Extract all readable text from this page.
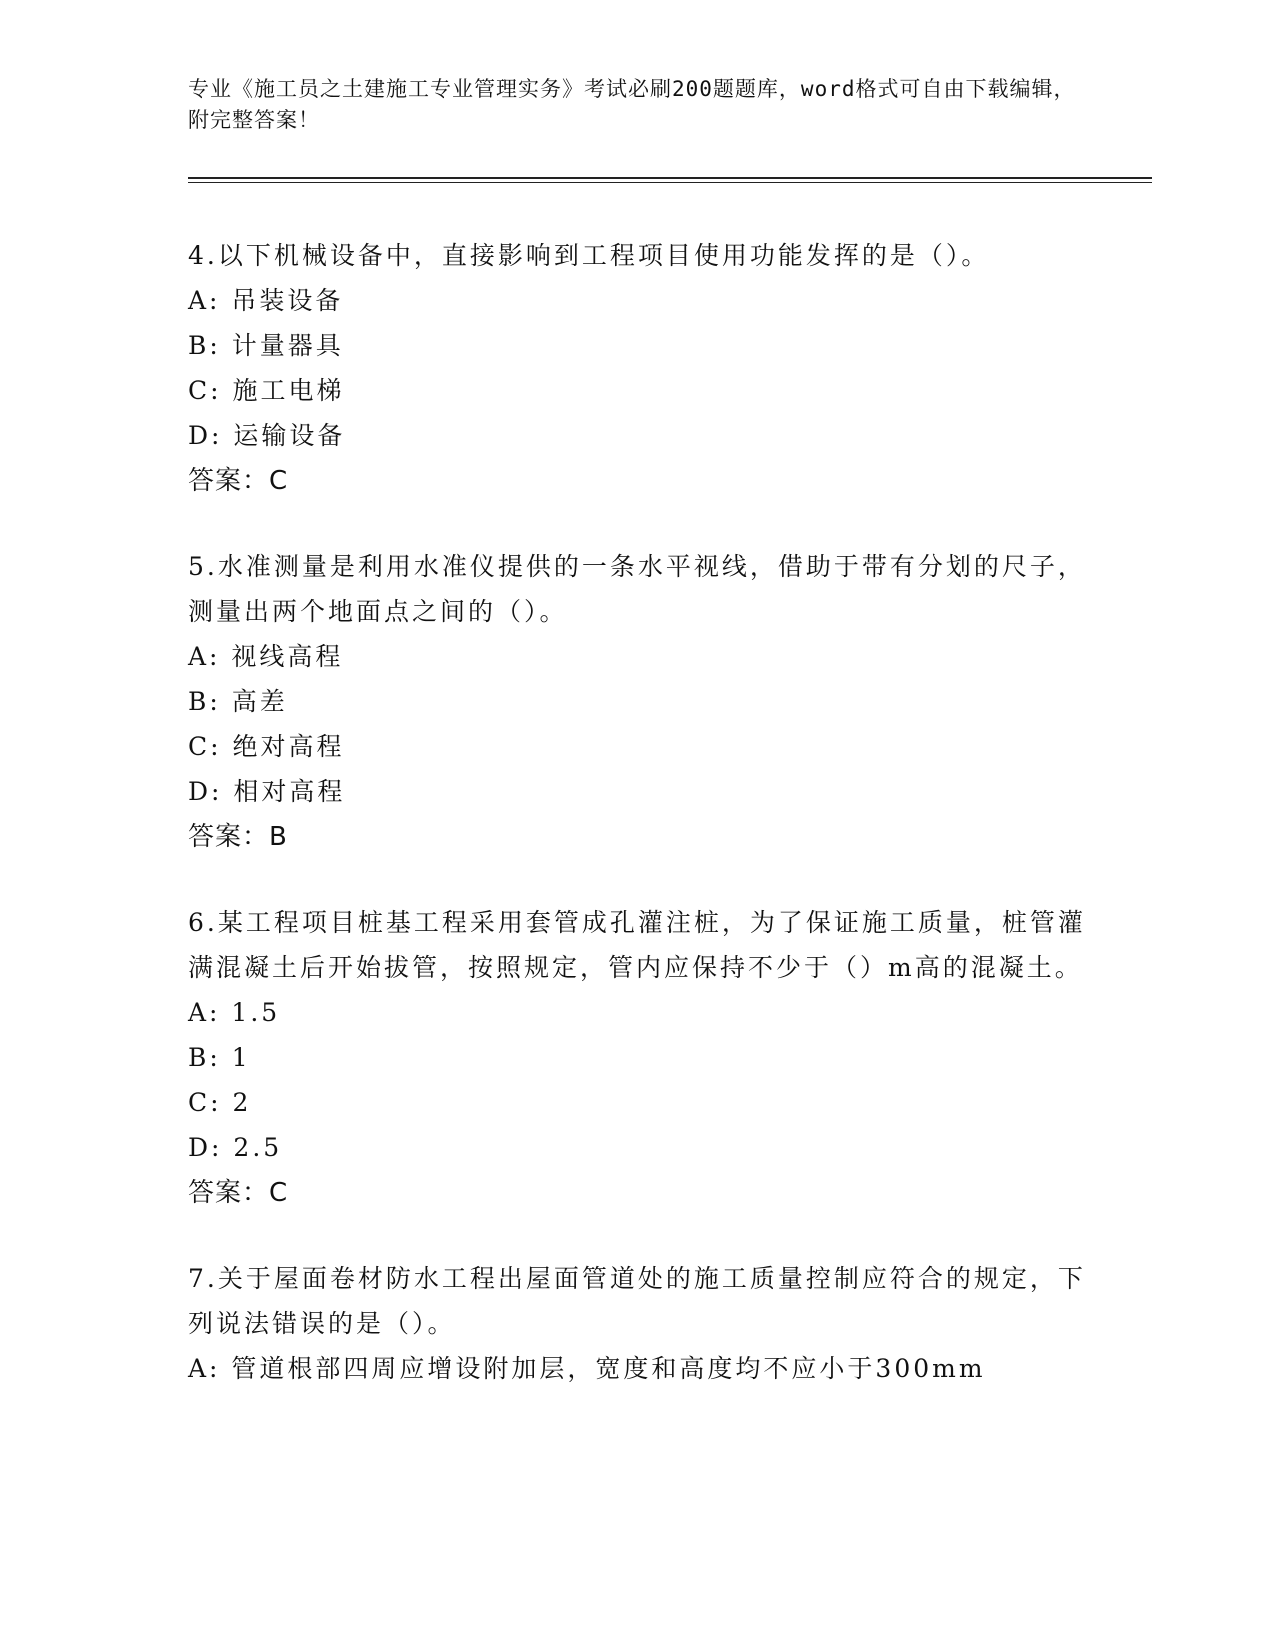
专业《施工员之土建施工专业管理实务》考试必刷200题题库，word格式可自由下载编辑，附完整答案！
4.以下机械设备中，直接影响到工程项目使用功能发挥的是（）。
A: 吊装设备
B: 计量器具
C: 施工电梯
D: 运输设备
答案：C
5.水准测量是利用水准仪提供的一条水平视线，借助于带有分划的尺子，测量出两个地面点之间的（）。
A: 视线高程
B: 高差
C: 绝对高程
D: 相对高程
答案：B
6.某工程项目桩基工程采用套管成孔灌注桩，为了保证施工质量，桩管灌满混凝土后开始拔管，按照规定，管内应保持不少于（）m高的混凝土。
A: 1.5
B: 1
C: 2
D: 2.5
答案：C
7.关于屋面卷材防水工程出屋面管道处的施工质量控制应符合的规定，下列说法错误的是（）。
A: 管道根部四周应增设附加层，宽度和高度均不应小于300mm
